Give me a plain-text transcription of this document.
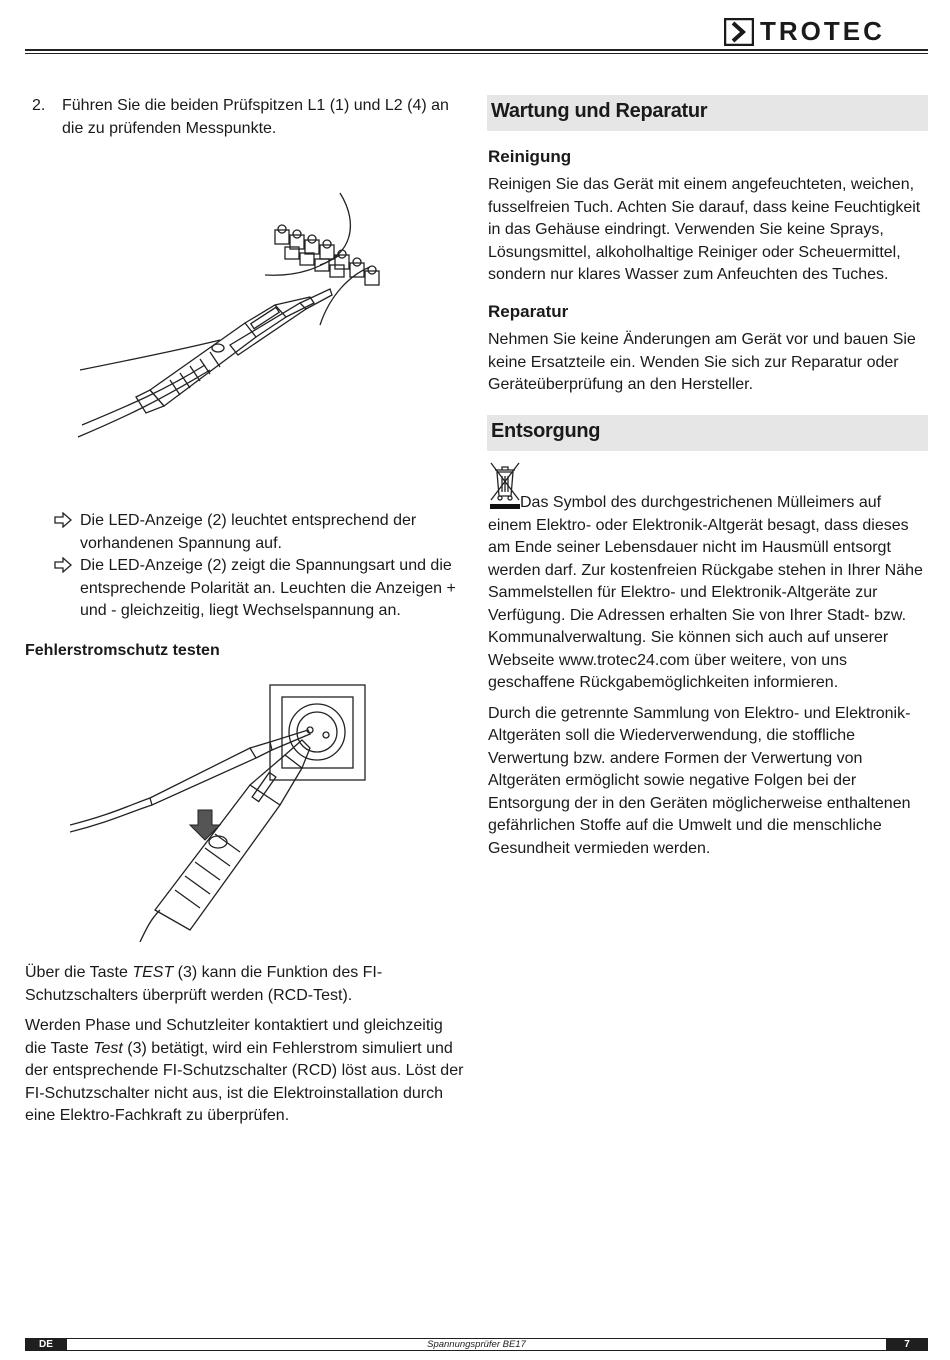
TROTEC
2. Führen Sie die beiden Prüfspitzen L1 (1) und L2 (4) an die zu prüfenden Messpunkte.
Die LED-Anzeige (2) leuchtet entsprechend der vorhandenen Spannung auf.
Die LED-Anzeige (2) zeigt die Spannungsart und die entsprechende Polarität an. Leuchten die Anzeigen + und - gleichzeitig, liegt Wechselspannung an.
Fehlerstromschutz testen

Über die Taste TEST (3) kann die Funktion des FI-Schutzschalters überprüft werden (RCD-Test).

Werden Phase und Schutzleiter kontaktiert und gleichzeitig die Taste Test (3) betätigt, wird ein Fehlerstrom simuliert und der entsprechende FI-Schutzschalter (RCD) löst aus. Löst der FI-Schutzschalter nicht aus, ist die Elektroinstallation durch eine Elektro-Fachkraft zu überprüfen.

Wartung und Reparatur
Reinigung
Reinigen Sie das Gerät mit einem angefeuchteten, weichen, fusselfreien Tuch. Achten Sie darauf, dass keine Feuchtigkeit in das Gehäuse eindringt. Verwenden Sie keine Sprays, Lösungsmittel, alkoholhaltige Reiniger oder Scheuermittel, sondern nur klares Wasser zum Anfeuchten des Tuches.
Reparatur
Nehmen Sie keine Änderungen am Gerät vor und bauen Sie keine Ersatzteile ein. Wenden Sie sich zur Reparatur oder Geräteüberprüfung an den Hersteller.
Entsorgung

Das Symbol des durchgestrichenen Mülleimers auf einem Elektro- oder Elektronik-Altgerät besagt, dass dieses am Ende seiner Lebensdauer nicht im Hausmüll entsorgt werden darf. Zur kostenfreien Rückgabe stehen in Ihrer Nähe Sammelstellen für Elektro- und Elektronik-Altgeräte zur Verfügung. Die Adressen erhalten Sie von Ihrer Stadt- bzw. Kommunalverwaltung. Sie können sich auch auf unserer Webseite www.trotec24.com über weitere, von uns geschaffene Rückgabemöglichkeiten informieren.

Durch die getrennte Sammlung von Elektro- und Elektronik-Altgeräten soll die Wiederverwendung, die stoffliche Verwertung bzw. andere Formen der Verwertung von Altgeräten ermöglicht sowie negative Folgen bei der Entsorgung der in den Geräten möglicherweise enthaltenen gefährlichen Stoffe auf die Umwelt und die menschliche Gesundheit vermieden werden.

DE	Spannungsprüfer BE17	7
